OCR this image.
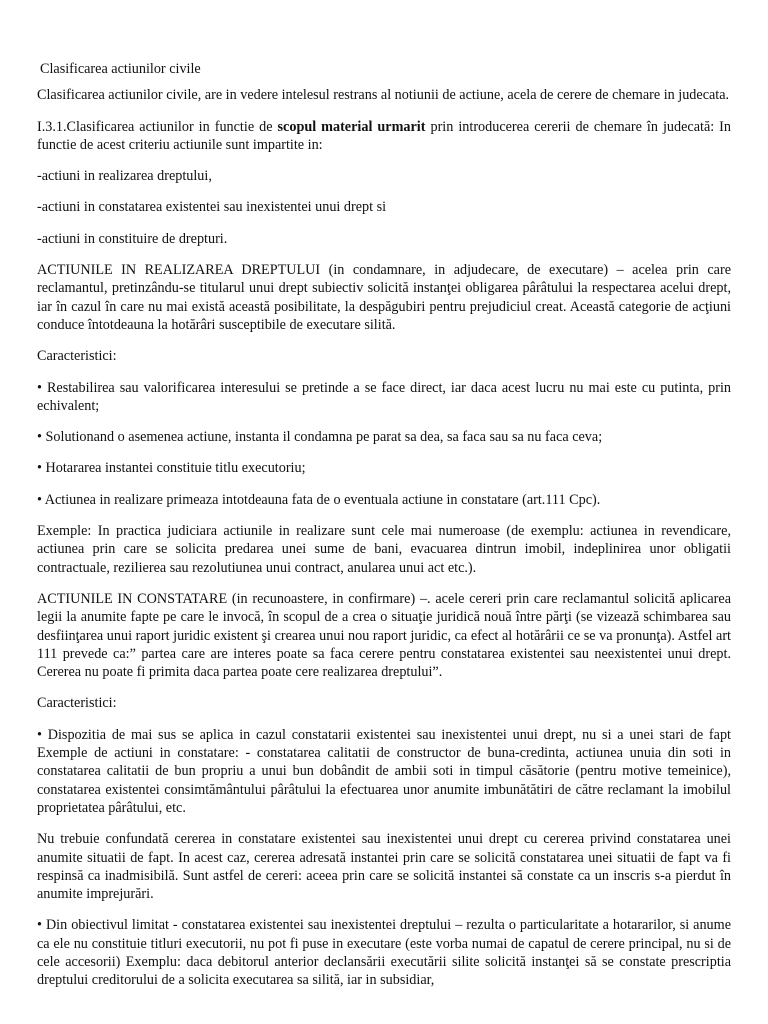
Clasificarea actiunilor civile

Clasificarea actiunilor civile, are in vedere intelesul restrans al notiunii de actiune, acela de cerere de chemare in judecata.

I.3.1.Clasificarea actiunilor in functie de scopul material urmarit prin introducerea cererii de chemare în judecată: In functie de acest criteriu actiunile sunt impartite in:

-actiuni in realizarea dreptului,

-actiuni in constatarea existentei sau inexistentei unui drept si

-actiuni in constituire de drepturi.

ACTIUNILE IN REALIZAREA DREPTULUI (in condamnare, in adjudecare, de executare) – acelea prin care reclamantul, pretinzându-se titularul unui drept subiectiv solicită instanţei obligarea pârâtului la respectarea acelui drept, iar în cazul în care nu mai există această posibilitate, la despăgubiri pentru prejudiciul creat. Această categorie de acţiuni conduce întotdeauna la hotărâri susceptibile de executare silită.

Caracteristici:

• Restabilirea sau valorificarea interesului se pretinde a se face direct, iar daca acest lucru nu mai este cu putinta, prin echivalent;

• Solutionand o asemenea actiune, instanta il condamna pe parat sa dea, sa faca sau sa nu faca ceva;

• Hotararea instantei constituie titlu executoriu;

• Actiunea in realizare primeaza intotdeauna fata de o eventuala actiune in constatare (art.111 Cpc).

Exemple: In practica judiciara actiunile in realizare sunt cele mai numeroase (de exemplu: actiunea in revendicare, actiunea prin care se solicita predarea unei sume de bani, evacuarea dintrun imobil, indeplinirea unor obligatii contractuale, rezilierea sau rezolutiunea unui contract, anularea unui act etc.).

ACTIUNILE IN CONSTATARE (in recunoastere, in confirmare) –. acele cereri prin care reclamantul solicită aplicarea legii la anumite fapte pe care le invocă, în scopul de a crea o situaţie juridică nouă între părţi (se vizează schimbarea sau desfiinţarea unui raport juridic existent şi crearea unui nou raport juridic, ca efect al hotărârii ce se va pronunţa). Astfel art 111 prevede ca:” partea care are interes poate sa faca cerere pentru constatarea existentei sau neexistentei unui drept. Cererea nu poate fi primita daca partea poate cere realizarea dreptului”.

Caracteristici:

• Dispozitia de mai sus se aplica in cazul constatarii existentei sau inexistentei unui drept, nu si a unei stari de fapt Exemple de actiuni in constatare: - constatarea calitatii de constructor de buna-credinta, actiunea unuia din soti in constatarea calitatii de bun propriu a unui bun dobândit de ambii soti in timpul căsătorie (pentru motive temeinice), constatarea existentei consimtământului pârâtului la efectuarea unor anumite imbunătătiri de către reclamant la imobilul proprietatea pârâtului, etc.

Nu trebuie confundată cererea in constatare existentei sau inexistentei unui drept cu cererea privind constatarea unei anumite situatii de fapt. In acest caz, cererea adresată instantei prin care se solicită constatarea unei situatii de fapt va fi respinsă ca inadmisibilă. Sunt astfel de cereri: aceea prin care se solicită instantei să constate ca un inscris s-a pierdut în anumite imprejurări.

• Din obiectivul limitat - constatarea existentei sau inexistentei dreptului – rezulta o particularitate a hotararilor, si anume ca ele nu constituie titluri executorii, nu pot fi puse in executare (este vorba numai de capatul de cerere principal, nu si de cele accesorii) Exemplu: daca debitorul anterior declansării executării silite solicită instanţei să se constate prescriptia dreptului creditorului de a solicita executarea sa silită, iar in subsidiar,
